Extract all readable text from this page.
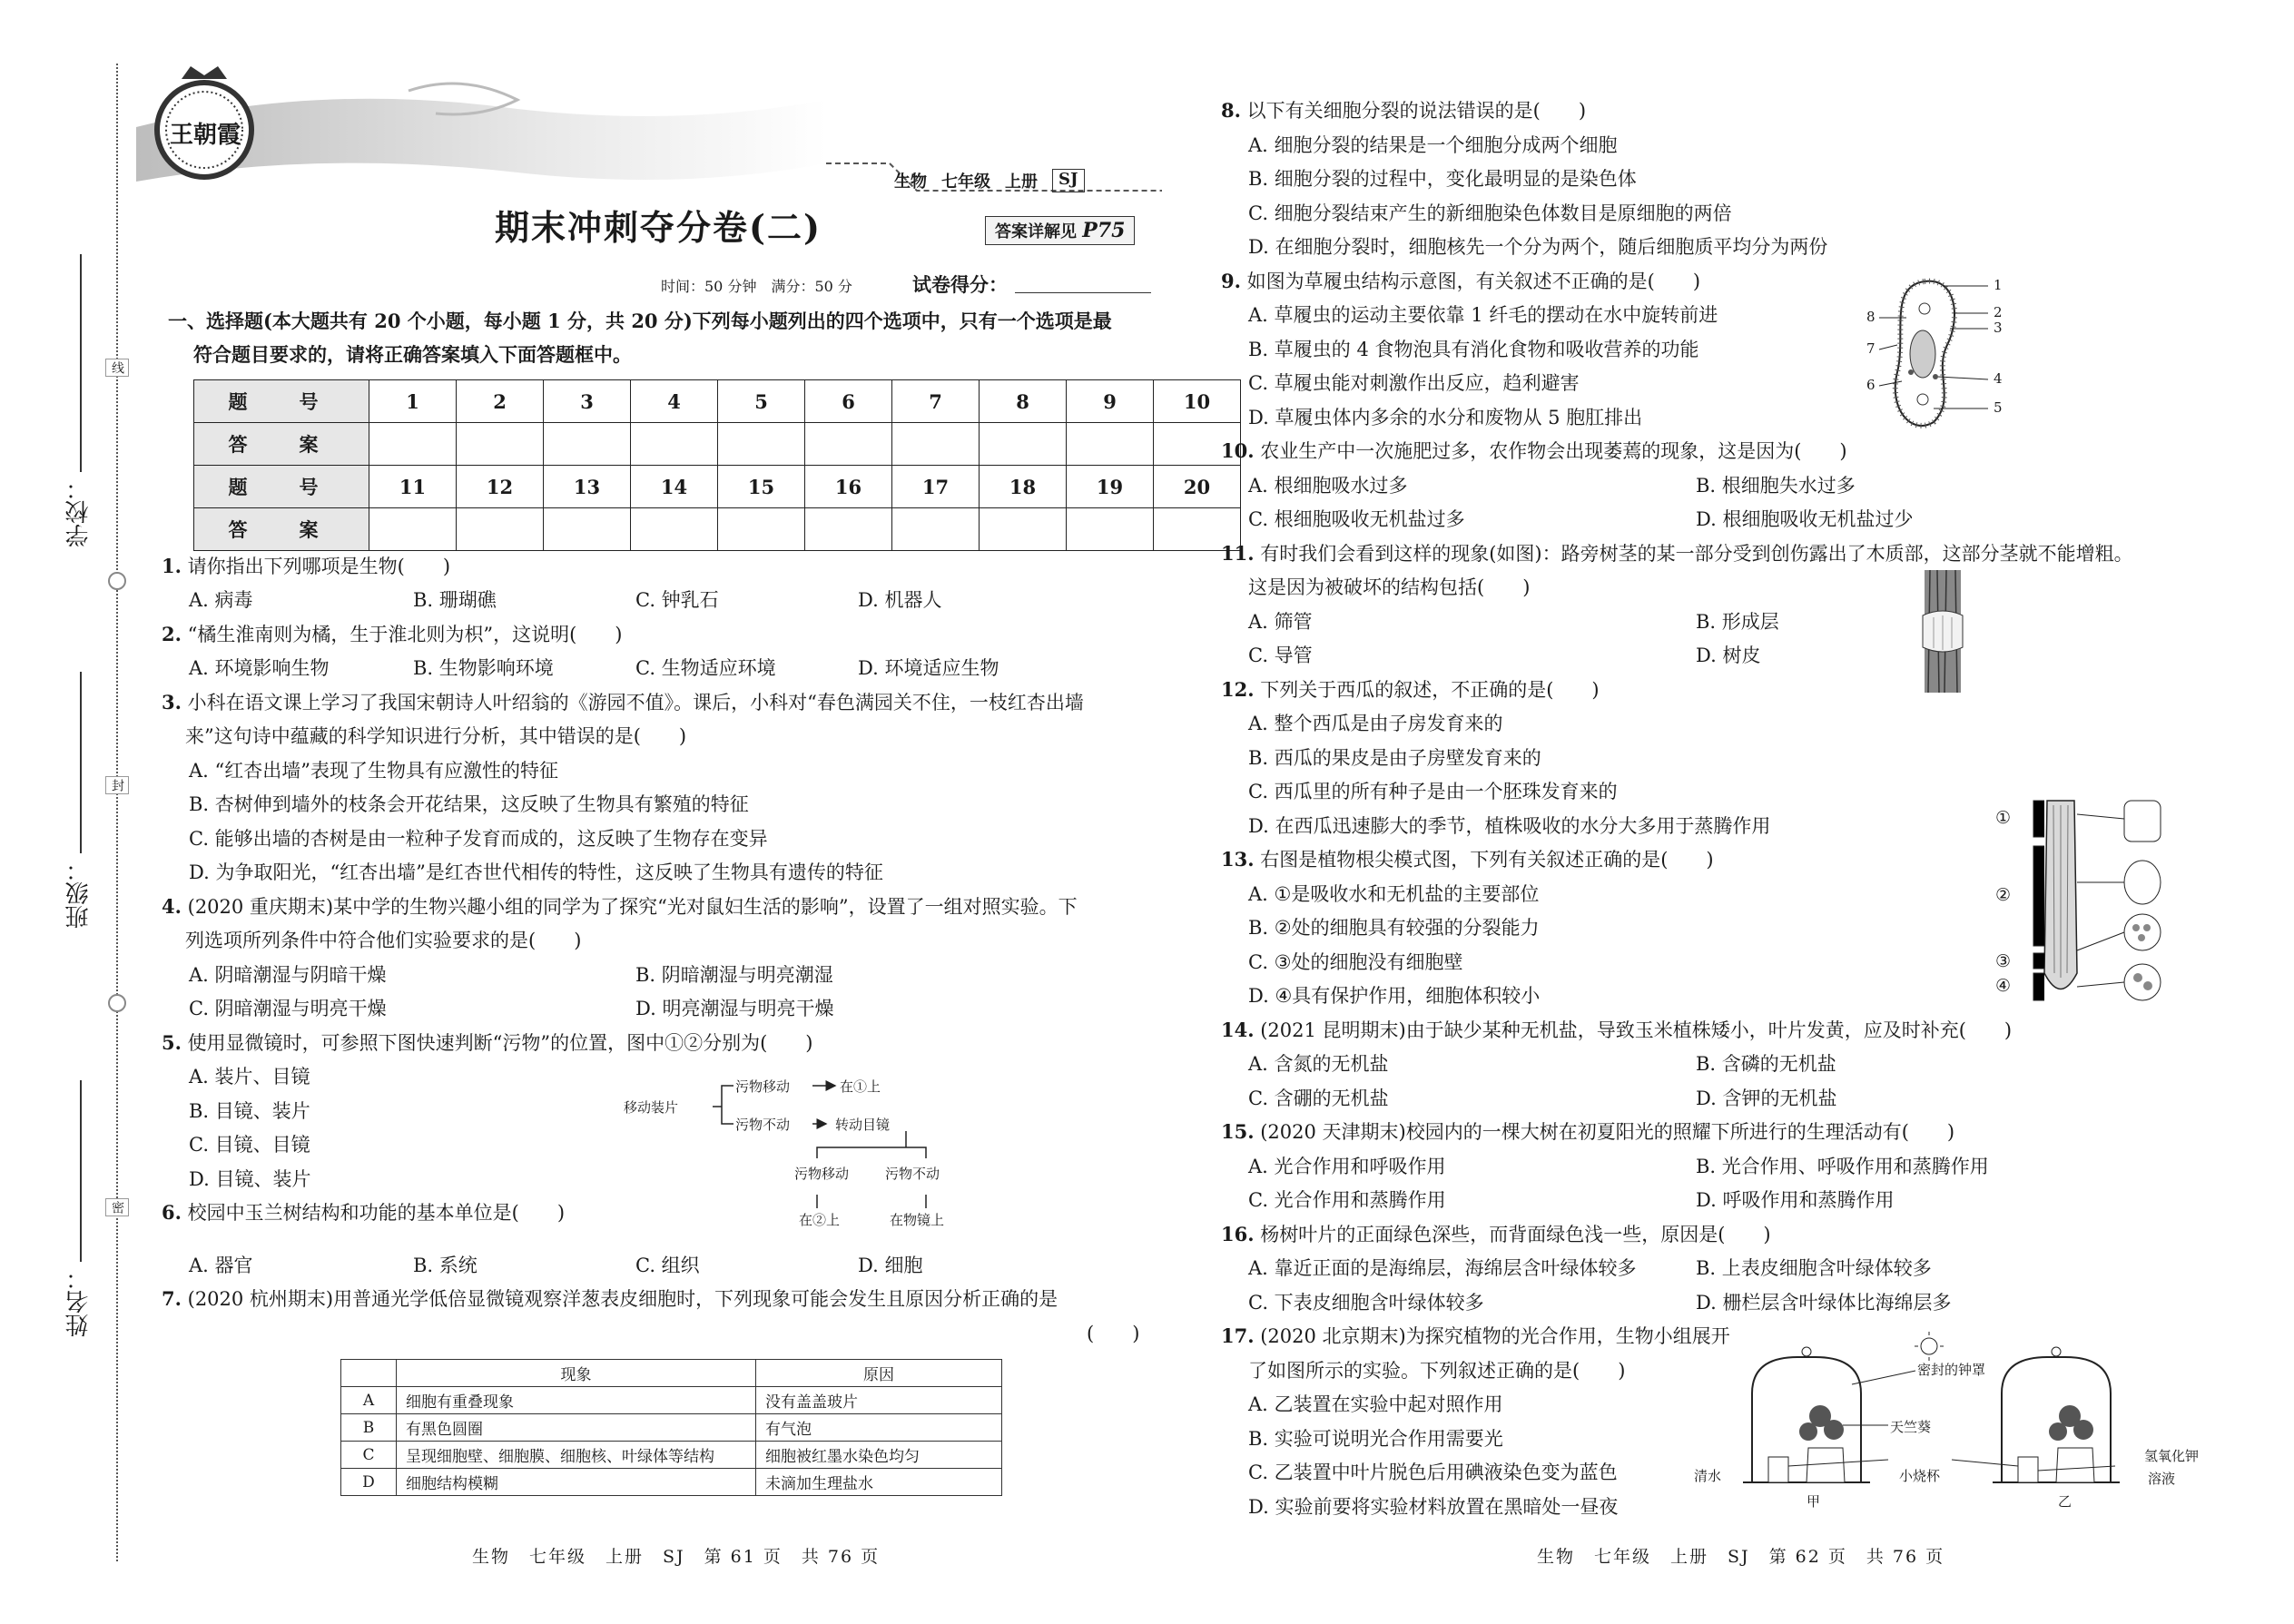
学校：
班级：
姓名：
线
封
密
王朝霞
生物 七年级 上册	SJ
期末冲刺夺分卷(二)	答案详解见 P75
时间：50 分钟　满分：50 分	试卷得分：
一、选择题(本大题共有 20 个小题，每小题 1 分，共 20 分)下列每小题列出的四个选项中，只有一个选项是最
符合题目要求的，请将正确答案填入下面答题框中。
题　号	1	2	3	4	5	6	7	8	9	10
答　案										
题　号	11	12	13	14	15	16	17	18	19	20
答　案										
1. 请你指出下列哪项是生物(　　)
A. 病毒	B. 珊瑚礁	C. 钟乳石	D. 机器人
2. “橘生淮南则为橘，生于淮北则为枳”，这说明(　　)
A. 环境影响生物	B. 生物影响环境	C. 生物适应环境	D. 环境适应生物
3. 小科在语文课上学习了我国宋朝诗人叶绍翁的《游园不值》。课后，小科对“春色满园关不住，一枝红杏出墙
来”这句诗中蕴藏的科学知识进行分析，其中错误的是(　　)
A. “红杏出墙”表现了生物具有应激性的特征
B. 杏树伸到墙外的枝条会开花结果，这反映了生物具有繁殖的特征
C. 能够出墙的杏树是由一粒种子发育而成的，这反映了生物存在变异
D. 为争取阳光，“红杏出墙”是红杏世代相传的特性，这反映了生物具有遗传的特征
4. (2020 重庆期末)某中学的生物兴趣小组的同学为了探究“光对鼠妇生活的影响”，设置了一组对照实验。下
列选项所列条件中符合他们实验要求的是(　　)
A. 阴暗潮湿与阴暗干燥	B. 阴暗潮湿与明亮潮湿
C. 阴暗潮湿与明亮干燥	D. 明亮潮湿与明亮干燥
5. 使用显微镜时，可参照下图快速判断“污物”的位置，图中①②分别为(　　)
A. 装片、目镜
B. 目镜、装片
C. 目镜、目镜
D. 目镜、装片
移动装片
污物移动	在①上
污物不动	转动目镜
污物移动	污物不动
在②上	在物镜上
6. 校园中玉兰树结构和功能的基本单位是(　　)
A. 器官	B. 系统	C. 组织	D. 细胞
7. (2020 杭州期末)用普通光学低倍显微镜观察洋葱表皮细胞时，下列现象可能会发生且原因分析正确的是
(　　)
	现象	原因
A	细胞有重叠现象	没有盖盖玻片
B	有黑色圆圈	有气泡
C	呈现细胞壁、细胞膜、细胞核、叶绿体等结构	细胞被红墨水染色均匀
D	细胞结构模糊	未滴加生理盐水
生物　七年级　上册　SJ　第 61 页　共 76 页
8. 以下有关细胞分裂的说法错误的是(　　)
A. 细胞分裂的结果是一个细胞分成两个细胞
B. 细胞分裂的过程中，变化最明显的是染色体
C. 细胞分裂结束产生的新细胞染色体数目是原细胞的两倍
D. 在细胞分裂时，细胞核先一个分为两个，随后细胞质平均分为两份
9. 如图为草履虫结构示意图，有关叙述不正确的是(　　)
A. 草履虫的运动主要依靠 1 纤毛的摆动在水中旋转前进
B. 草履虫的 4 食物泡具有消化食物和吸收营养的功能
C. 草履虫能对刺激作出反应，趋利避害
D. 草履虫体内多余的水分和废物从 5 胞肛排出
1
2
3
4
5
6
7
8
10. 农业生产中一次施肥过多，农作物会出现萎蔫的现象，这是因为(　　)
A. 根细胞吸水过多	B. 根细胞失水过多
C. 根细胞吸收无机盐过多	D. 根细胞吸收无机盐过少
11. 有时我们会看到这样的现象(如图)：路旁树茎的某一部分受到创伤露出了木质部，这部分茎就不能增粗。
这是因为被破坏的结构包括(　　)
A. 筛管	B. 形成层
C. 导管	D. 树皮
12. 下列关于西瓜的叙述，不正确的是(　　)
A. 整个西瓜是由子房发育来的
B. 西瓜的果皮是由子房壁发育来的
C. 西瓜里的所有种子是由一个胚珠发育来的
D. 在西瓜迅速膨大的季节，植株吸收的水分大多用于蒸腾作用
13. 右图是植物根尖模式图，下列有关叙述正确的是(　　)
A. ①是吸收水和无机盐的主要部位
B. ②处的细胞具有较强的分裂能力
C. ③处的细胞没有细胞壁
D. ④具有保护作用，细胞体积较小
①
②
③
④
14. (2021 昆明期末)由于缺少某种无机盐，导致玉米植株矮小，叶片发黄，应及时补充(　　)
A. 含氮的无机盐	B. 含磷的无机盐
C. 含硼的无机盐	D. 含钾的无机盐
15. (2020 天津期末)校园内的一棵大树在初夏阳光的照耀下所进行的生理活动有(　　)
A. 光合作用和呼吸作用	B. 光合作用、呼吸作用和蒸腾作用
C. 光合作用和蒸腾作用	D. 呼吸作用和蒸腾作用
16. 杨树叶片的正面绿色深些，而背面绿色浅一些，原因是(　　)
A. 靠近正面的是海绵层，海绵层含叶绿体较多	B. 上表皮细胞含叶绿体较多
C. 下表皮细胞含叶绿体较多	D. 栅栏层含叶绿体比海绵层多
17. (2020 北京期末)为探究植物的光合作用，生物小组展开
了如图所示的实验。下列叙述正确的是(　　)
A. 乙装置在实验中起对照作用
B. 实验可说明光合作用需要光
C. 乙装置中叶片脱色后用碘液染色变为蓝色
D. 实验前要将实验材料放置在黑暗处一昼夜
密封的钟罩
天竺葵
清水	小烧杯
氢氧化钾
溶液
甲	乙
生物　七年级　上册　SJ　第 62 页　共 76 页
